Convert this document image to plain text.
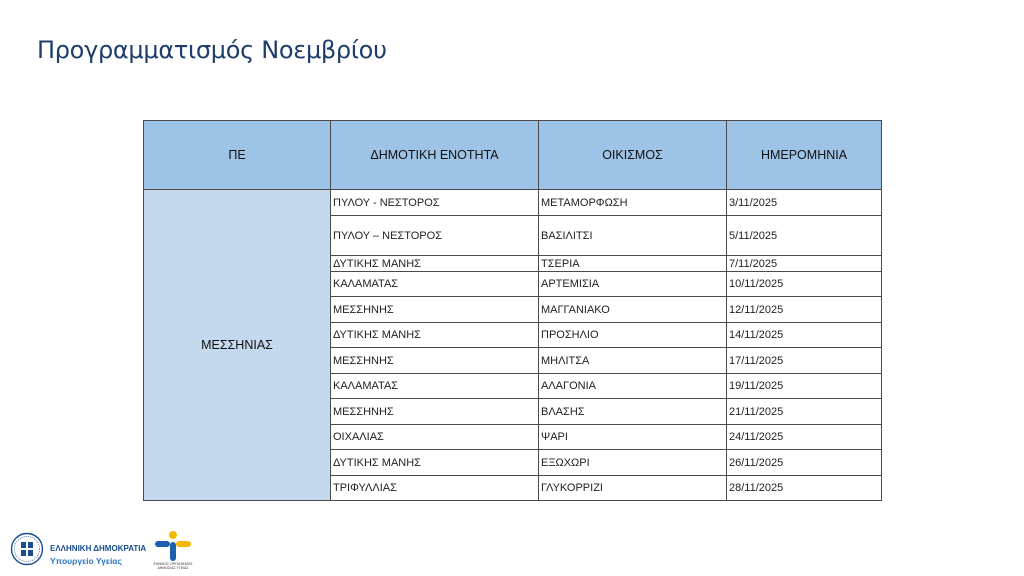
Προγραμματισμός Νοεμβρίου
ΠΕ	ΔΗΜΟΤΙΚΗ ΕΝΟΤΗΤΑ	ΟΙΚΙΣΜΟΣ	ΗΜΕΡΟΜΗΝΙΑ
ΜΕΣΣΗΝΙΑΣ	ΠΥΛΟΥ - ΝΕΣΤΟΡΟΣ	ΜΕΤΑΜΟΡΦΩΣΗ	3/11/2025
	ΠΥΛΟΥ – ΝΕΣΤΟΡΟΣ	ΒΑΣΙΛΙΤΣΙ	5/11/2025
	ΔΥΤΙΚΗΣ ΜΑΝΗΣ	ΤΣΕΡΙΑ	7/11/2025
	ΚΑΛΑΜΑΤΑΣ	ΑΡΤΕΜΙΣΙΑ	10/11/2025
	ΜΕΣΣΗΝΗΣ	ΜΑΓΓΑΝΙΑΚΟ	12/11/2025
	ΔΥΤΙΚΗΣ ΜΑΝΗΣ	ΠΡΟΣΗΛΙΟ	14/11/2025
	ΜΕΣΣΗΝΗΣ	ΜΗΛΙΤΣΑ	17/11/2025
	ΚΑΛΑΜΑΤΑΣ	ΑΛΑΓΟΝΙΑ	19/11/2025
	ΜΕΣΣΗΝΗΣ	ΒΛΑΣΗΣ	21/11/2025
	ΟΙΧΑΛΙΑΣ	ΨΑΡΙ	24/11/2025
	ΔΥΤΙΚΗΣ ΜΑΝΗΣ	ΕΞΩΧΩΡΙ	26/11/2025
	ΤΡΙΦΥΛΛΙΑΣ	ΓΛΥΚΟΡΡΙΖΙ	28/11/2025
ΕΛΛΗΝΙΚΗ ΔΗΜΟΚΡΑΤΙΑ
Υπουργείο Υγείας	ΕΘΝΙΚΟΣ ΟΡΓΑΝΙΣΜΟΣ
ΔΗΜΟΣΙΑΣ ΥΓΕΙΑΣ
